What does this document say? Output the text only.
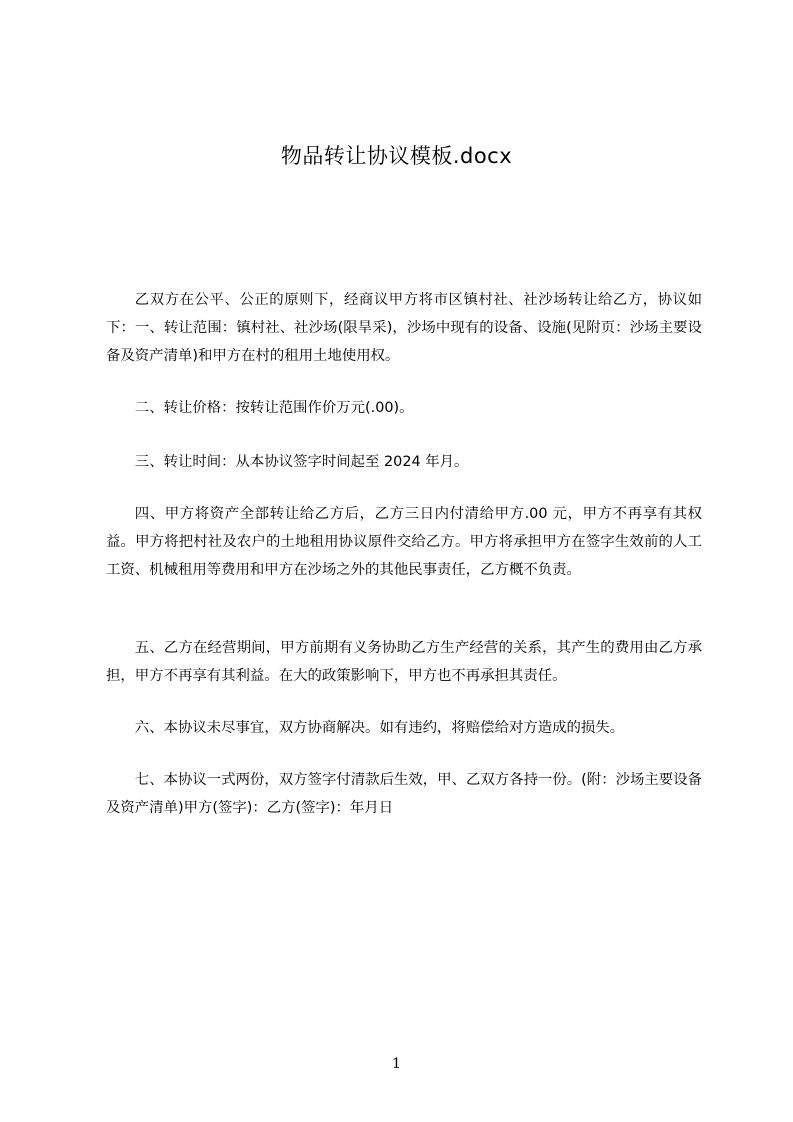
物品转让协议模板.docx

乙双方在公平、公正的原则下，经商议甲方将市区镇村社、社沙场转让给乙方，协议如下：一、转让范围：镇村社、社沙场(限旱采)，沙场中现有的设备、设施(见附页：沙场主要设备及资产清单)和甲方在村的租用土地使用权。

二、转让价格：按转让范围作价万元(.00)。

三、转让时间：从本协议签字时间起至 2024 年月。

四、甲方将资产全部转让给乙方后，乙方三日内付清给甲方.00 元，甲方不再享有其权益。甲方将把村社及农户的土地租用协议原件交给乙方。甲方将承担甲方在签字生效前的人工工资、机械租用等费用和甲方在沙场之外的其他民事责任，乙方概不负责。

五、乙方在经营期间，甲方前期有义务协助乙方生产经营的关系，其产生的费用由乙方承担，甲方不再享有其利益。在大的政策影响下，甲方也不再承担其责任。

六、本协议未尽事宜，双方协商解决。如有违约，将赔偿给对方造成的损失。

七、本协议一式两份，双方签字付清款后生效，甲、乙双方各持一份。(附：沙场主要设备及资产清单)甲方(签字)：乙方(签字)：年月日

1
